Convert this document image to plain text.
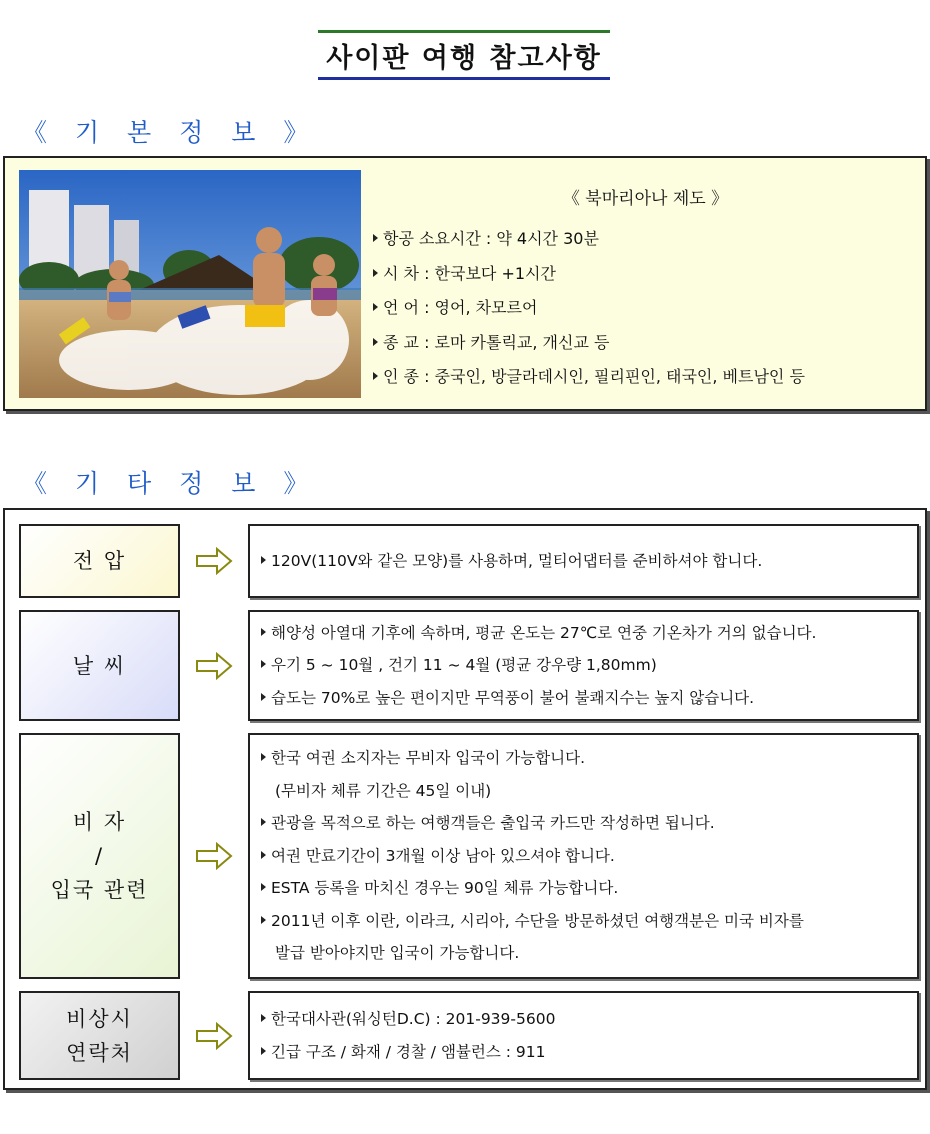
사이판 여행 참고사항
《 기 본 정 보 》
《 북마리아나 제도 》
항공 소요시간 : 약 4시간 30분
시 차 : 한국보다 +1시간
언 어 : 영어, 차모르어
종 교 : 로마 카톨릭교, 개신교 등
인 종 : 중국인, 방글라데시인, 필리핀인, 태국인, 베트남인 등
《 기 타 정 보 》
전 압	120V(110V와 같은 모양)를 사용하며, 멀티어댑터를 준비하셔야 합니다.

날 씨

해양성 아열대 기후에 속하며, 평균 온도는 27℃로 연중 기온차가 거의 없습니다.

우기 5 ~ 10월 , 건기 11 ~ 4월 (평균 강우량 1,80mm)

습도는 70%로 높은 편이지만 무역풍이 불어 불쾌지수는 높지 않습니다.

비 자
/
입국 관련

한국 여권 소지자는 무비자 입국이 가능합니다.

(무비자 체류 기간은 45일 이내)

관광을 목적으로 하는 여행객들은 출입국 카드만 작성하면 됩니다.

여권 만료기간이 3개월 이상 남아 있으셔야 합니다.

ESTA 등록을 마치신 경우는 90일 체류 가능합니다.

2011년 이후 이란, 이라크, 시리아, 수단을 방문하셨던 여행객분은 미국 비자를

발급 받아야지만 입국이 가능합니다.

비상시
연락처

한국대사관(워싱턴D.C) : 201-939-5600

긴급 구조 / 화재 / 경찰 / 앰뷸런스 : 911
